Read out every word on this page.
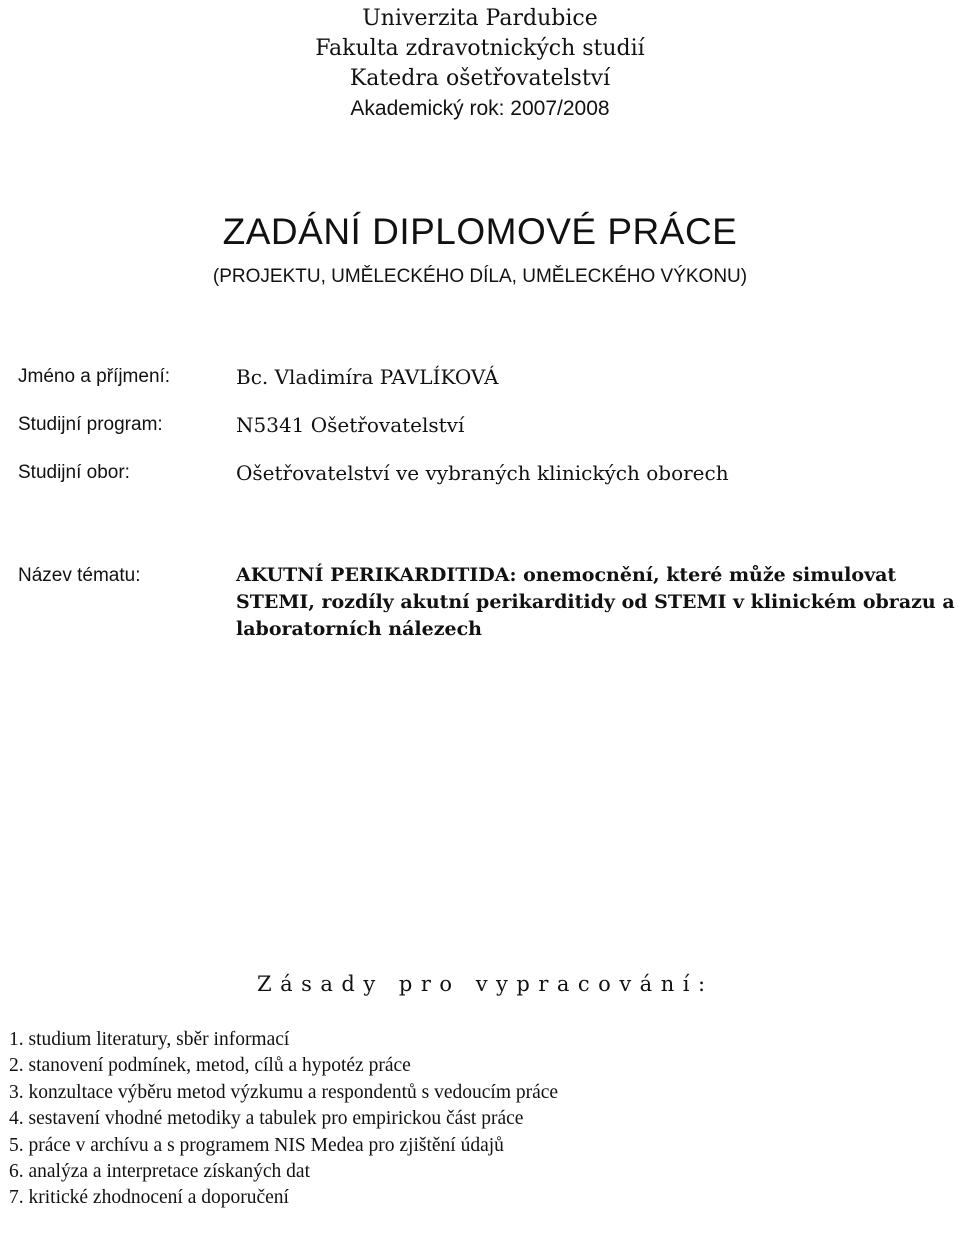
Univerzita Pardubice
Fakulta zdravotnických studií
Katedra ošetřovatelství
Akademický rok: 2007/2008
ZADÁNÍ DIPLOMOVÉ PRÁCE
(PROJEKTU, UMĚLECKÉHO DÍLA, UMĚLECKÉHO VÝKONU)
Jméno a příjmení:	Bc. Vladimíra PAVLÍKOVÁ
Studijní program:	N5341 Ošetřovatelství
Studijní obor:	Ošetřovatelství ve vybraných klinických oborech
Název tématu:	AKUTNÍ PERIKARDITIDA: onemocnění, které může simulovat STEMI, rozdíly akutní perikarditidy od STEMI v klinickém obrazu a laboratorních nálezech
Zásady pro vypracování:
1. studium literatury, sběr informací
2. stanovení podmínek, metod, cílů a hypotéz práce
3. konzultace výběru metod výzkumu a respondentů s vedoucím práce
4. sestavení vhodné metodiky a tabulek pro empirickou část práce
5. práce v archívu a s programem NIS Medea pro zjištění údajů
6. analýza a interpretace získaných dat
7. kritické zhodnocení a doporučení
